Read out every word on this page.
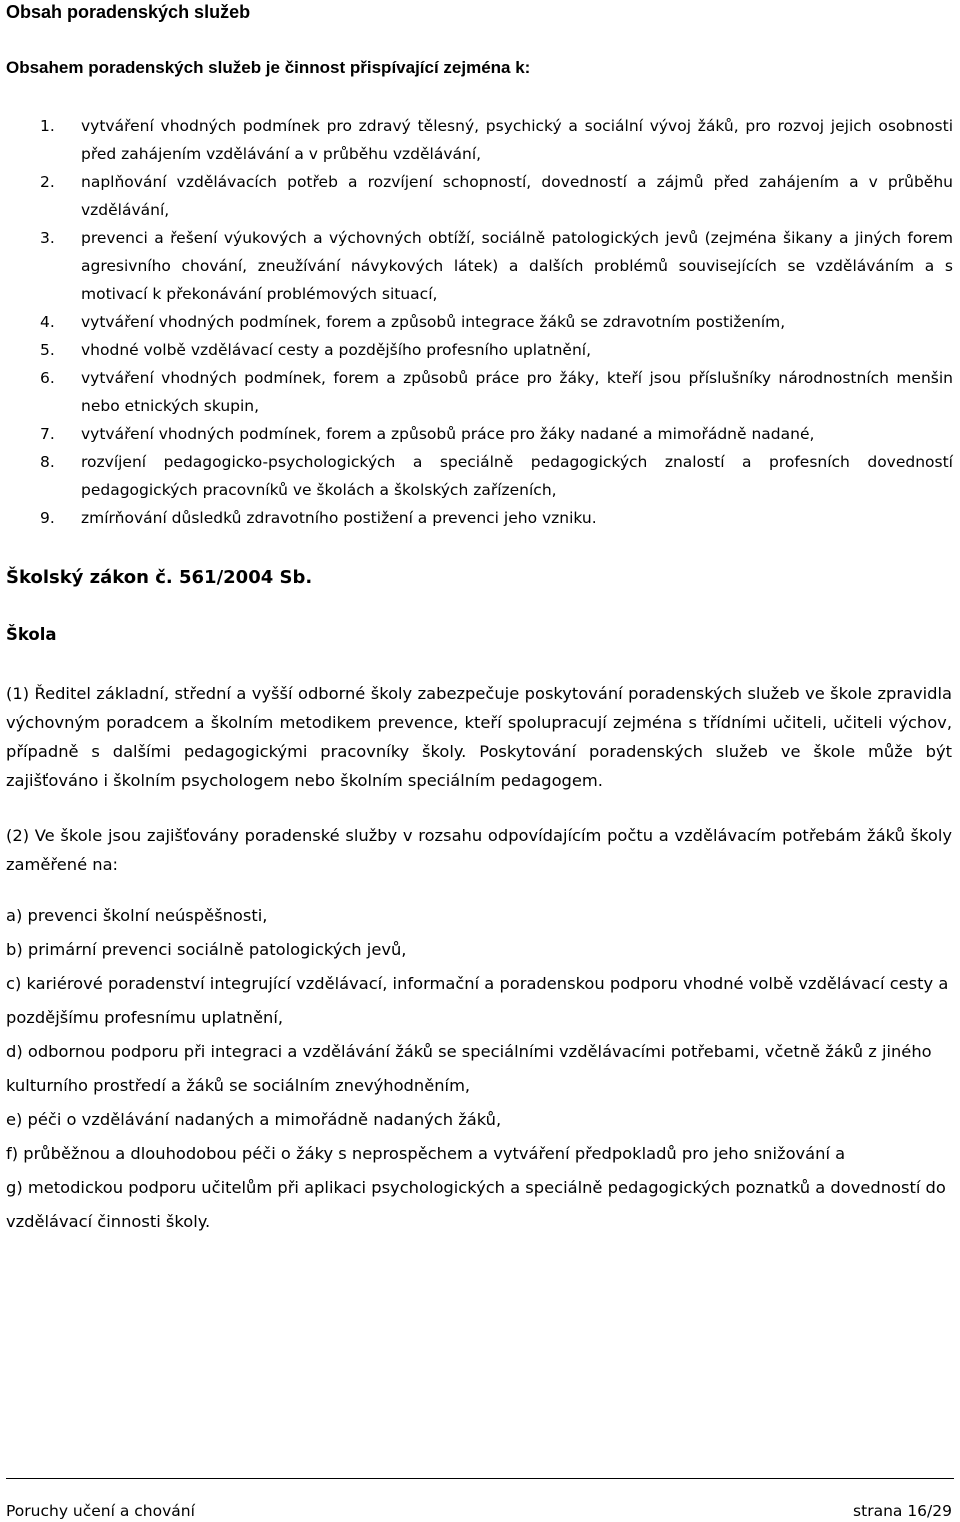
Obsah poradenských služeb

Obsahem poradenských služeb je činnost přispívající zejména k:

1. vytváření vhodných podmínek pro zdravý tělesný, psychický a sociální vývoj žáků, pro rozvoj jejich osobnosti před zahájením vzdělávání a v průběhu vzdělávání,
2. naplňování vzdělávacích potřeb a rozvíjení schopností, dovedností a zájmů před zahájením a v průběhu vzdělávání,
3. prevenci a řešení výukových a výchovných obtíží, sociálně patologických jevů (zejména šikany a jiných forem agresivního chování, zneužívání návykových látek) a dalších problémů souvisejících se vzděláváním a s motivací k překonávání problémových situací,
4. vytváření vhodných podmínek, forem a způsobů integrace žáků se zdravotním postižením,
5. vhodné volbě vzdělávací cesty a pozdějšího profesního uplatnění,
6. vytváření vhodných podmínek, forem a způsobů práce pro žáky, kteří jsou příslušníky národnostních menšin nebo etnických skupin,
7. vytváření vhodných podmínek, forem a způsobů práce pro žáky nadané a mimořádně nadané,
8. rozvíjení pedagogicko-psychologických a speciálně pedagogických znalostí a profesních dovedností pedagogických pracovníků ve školách a školských zařízeních,
9. zmírňování důsledků zdravotního postižení a prevenci jeho vzniku.
Školský zákon č. 561/2004 Sb.
Škola

(1) Ředitel základní, střední a vyšší odborné školy zabezpečuje poskytování poradenských služeb ve škole zpravidla výchovným poradcem a školním metodikem prevence, kteří spolupracují zejména s třídními učiteli, učiteli výchov, případně s dalšími pedagogickými pracovníky školy. Poskytování poradenských služeb ve škole může být zajišťováno i školním psychologem nebo školním speciálním pedagogem.

(2) Ve škole jsou zajišťovány poradenské služby v rozsahu odpovídajícím počtu a vzdělávacím potřebám žáků školy zaměřené na:

a) prevenci školní neúspěšnosti,
b) primární prevenci sociálně patologických jevů,
c) kariérové poradenství integrující vzdělávací, informační a poradenskou podporu vhodné volbě vzdělávací cesty a pozdějšímu profesnímu uplatnění,
d) odbornou podporu při integraci a vzdělávání žáků se speciálními vzdělávacími potřebami, včetně žáků z jiného kulturního prostředí a žáků se sociálním znevýhodněním,
e) péči o vzdělávání nadaných a mimořádně nadaných žáků,
f) průběžnou a dlouhodobou péči o žáky s neprospěchem a vytváření předpokladů pro jeho snižování a
g) metodickou podporu učitelům při aplikaci psychologických a speciálně pedagogických poznatků a dovedností do vzdělávací činnosti školy.
Poruchy učení a chování	strana 16/29
